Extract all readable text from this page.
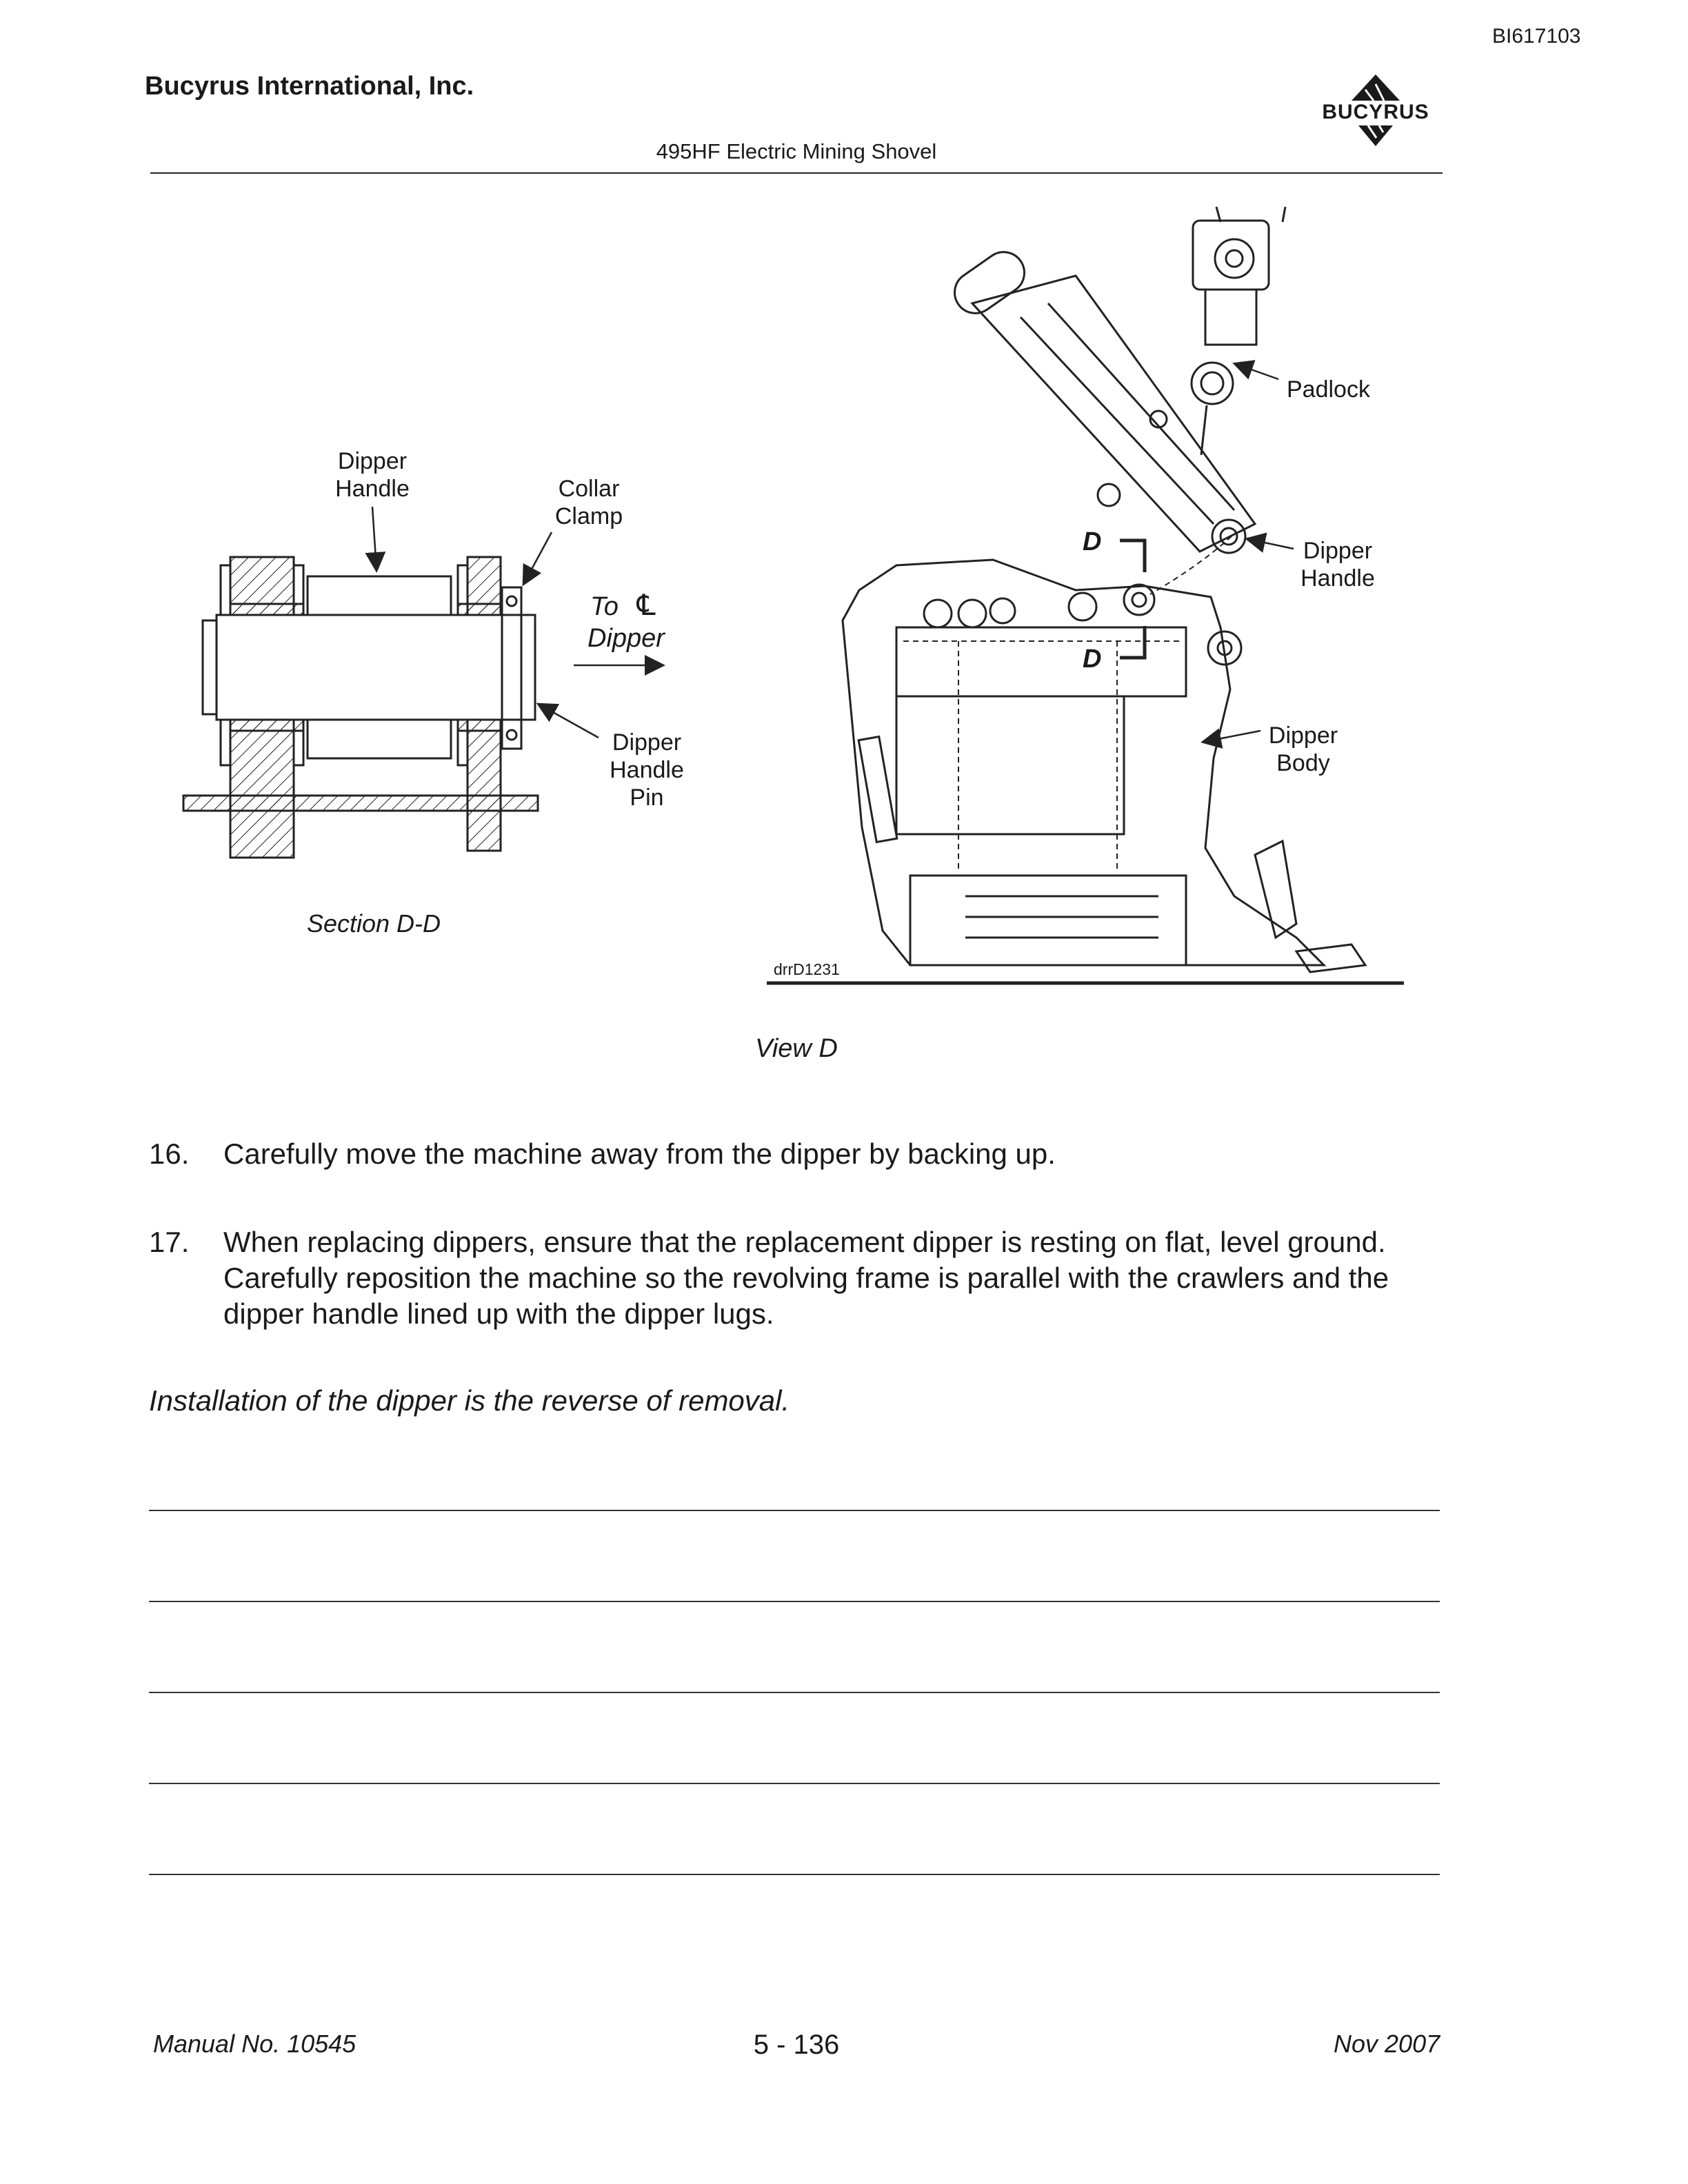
BI617103
Bucyrus International, Inc.
BUCYRUS
495HF Electric Mining Shovel
Dipper
Handle	Collar
Clamp
To ℄
Dipper
Dipper
Handle
Pin
Section D-D
D
D
Padlock
Dipper
Handle
Dipper
Body
drrD1231
View D
16. Carefully move the machine away from the dipper by backing up.
17. When replacing dippers, ensure that the replacement dipper is resting on flat, level ground. Carefully reposition the machine so the revolving frame is parallel with the crawlers and the dipper handle lined up with the dipper lugs.
Installation of the dipper is the reverse of removal.
Manual No. 10545	5 - 136	Nov 2007
